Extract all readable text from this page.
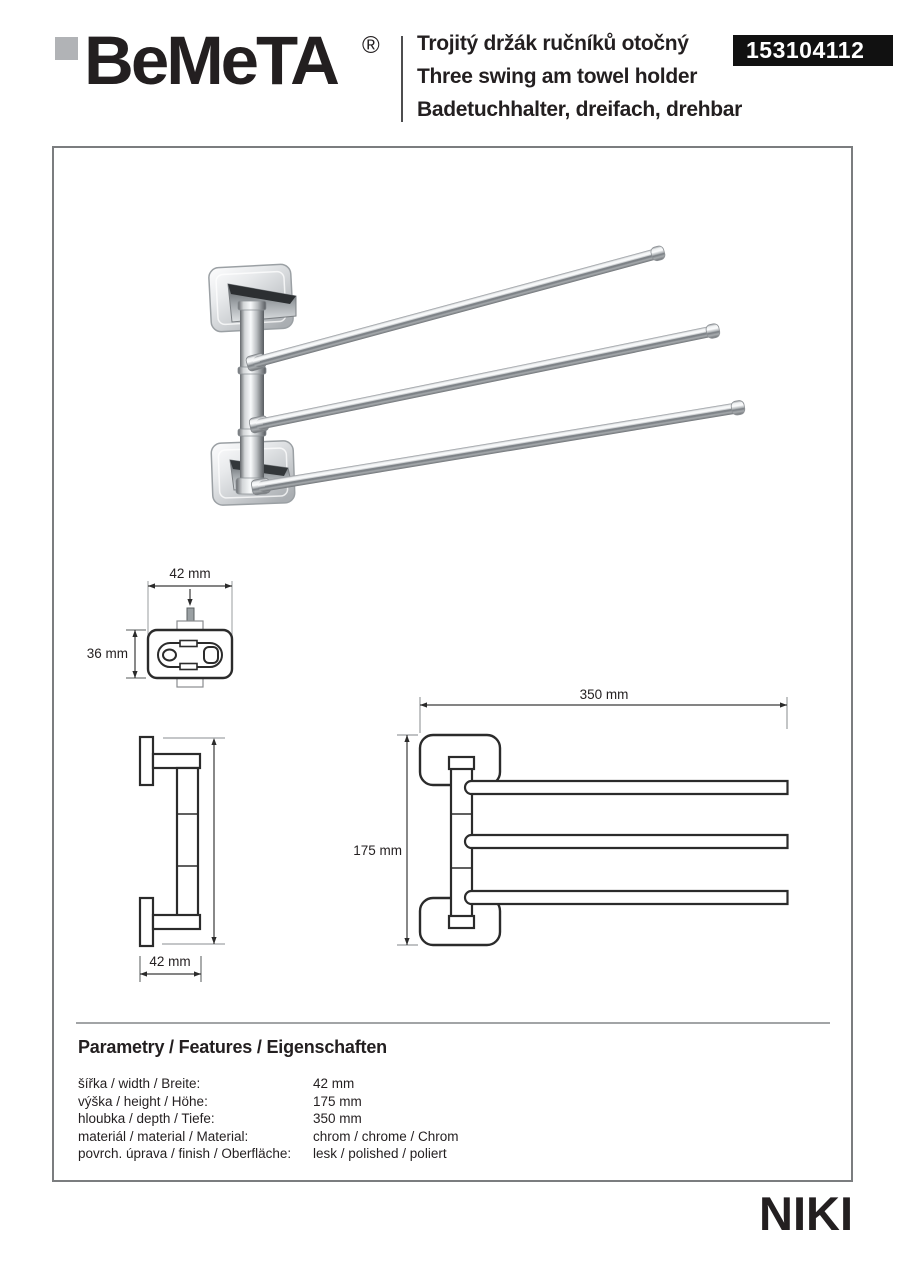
BeMeTA ® Trojitý držák ručníků otočný
Three swing am towel holder
Badetuchhalter, dreifach, drehbar
153104112
42 mm
36 mm
42 mm
350 mm
175 mm
Parametry / Features / Eigenschaften
šířka / width / Breite:	42 mm
výška / height / Höhe:	175 mm
hloubka / depth / Tiefe:	350 mm
materiál / material / Material:	chrom / chrome / Chrom
povrch. úprava / finish / Oberfläche:	lesk / polished / poliert
NIKI
